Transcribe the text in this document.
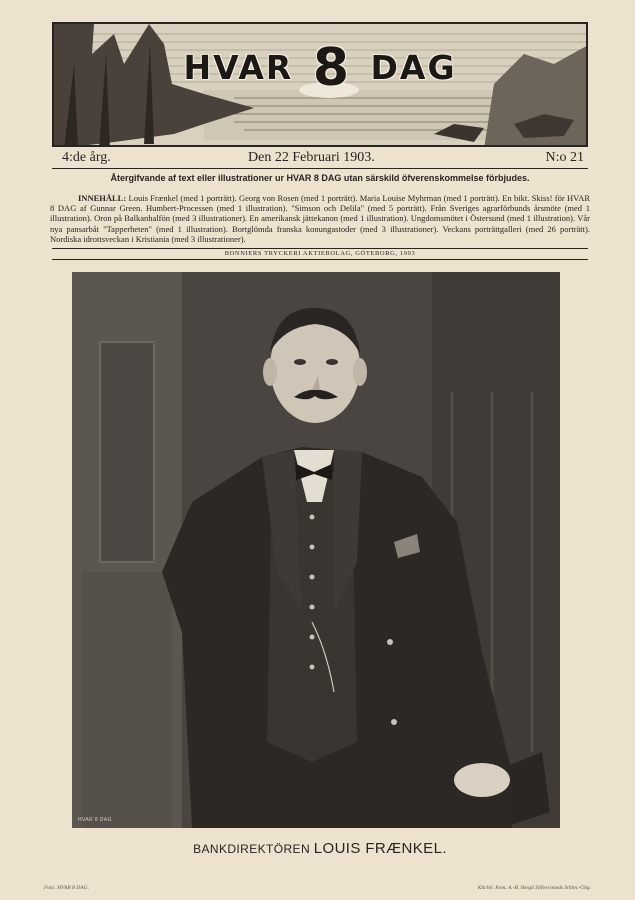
HVAR 8 DAG
4:de årg.	Den 22 Februari 1903.	N:o 21
Återgifvande af text eller illustrationer ur HVAR 8 DAG utan särskild öfverenskommelse förbjudes.
INNEHÅLL: Louis Frænkel (med 1 porträtt). Georg von Rosen (med 1 porträtt). Maria Louise Myhrman (med 1 porträtt). En bikt. Skiss! för HVAR 8 DAG af Gunnar Green. Humbert-Processen (med 1 illustration). "Simson och Delila" (med 5 porträtt). Från Sveriges agrarförbunds årsmöte (med 1 illustration). Oron på Balkanhalfön (med 3 illustrationer). En amerikansk jättekanon (med 1 illustration). Ungdomsmötet i Östersund (med 1 illustration). Vår nya pansarbåt "Tapperheten" (med 1 illustration). Bortglömda franska konungastoder (med 3 illustrationer). Veckans porträttgalleri (med 26 porträtt). Nordiska idrottsveckan i Kristiania (med 3 illustrationer).
BONNIERS TRYCKERI AKTIEBOLAG, GÖTEBORG, 1903
HVAR 8 DAG
BANKDIREKTÖREN LOUIS FRÆNKEL.
Foto. HVAR 8 DAG.	Klichê: Kem. A.-B. Bergå Silfversmeds Sthlm.-Gbg.
